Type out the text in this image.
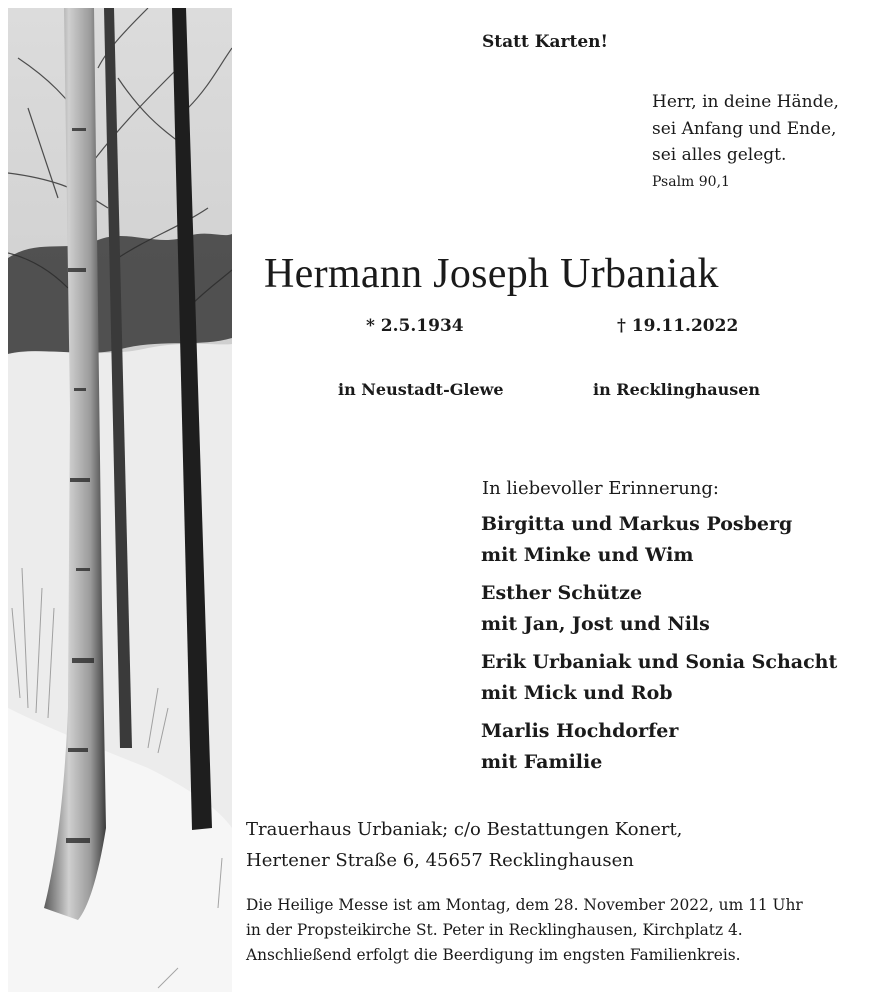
Statt Karten!
Herr, in deine Hände,
sei Anfang und Ende,
sei alles gelegt.
Psalm 90,1
Hermann Joseph Urbaniak
* 2.5.1934	† 19.11.2022
in Neustadt-Glewe	in Recklinghausen
In liebevoller Erinnerung:
Birgitta und Markus Posberg
mit Minke und Wim
Esther Schütze
mit Jan, Jost und Nils
Erik Urbaniak und Sonia Schacht
mit Mick und Rob
Marlis Hochdorfer
mit Familie
Trauerhaus Urbaniak; c/o Bestattungen Konert,
Hertener Straße 6, 45657 Recklinghausen
Die Heilige Messe ist am Montag, dem 28. November 2022, um 11 Uhr
in der Propsteikirche St. Peter in Recklinghausen, Kirchplatz 4.
Anschließend erfolgt die Beerdigung im engsten Familienkreis.
